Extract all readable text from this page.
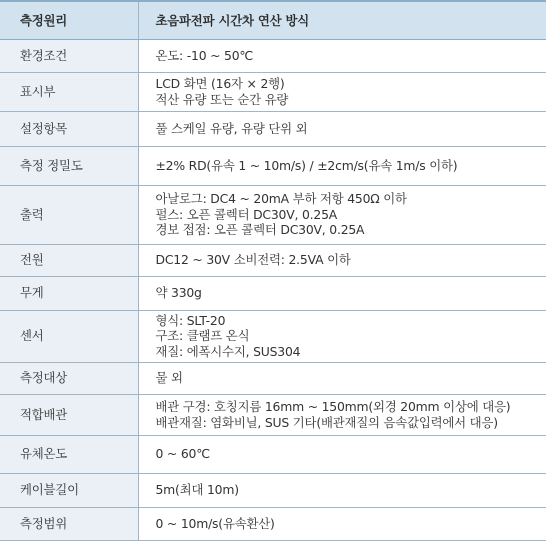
측정원리	초음파전파 시간차 연산 방식
환경조건	온도: -10 ~ 50℃

표시부	LCD 화면 (16자 × 2행)
적산 유량 또는 순간 유량

설정항목	풀 스케일 유량, 유량 단위 외

측정 정밀도	±2% RD(유속 1 ~ 10m/s) / ±2cm/s(유속 1m/s 이하)

출력	아날로그: DC4 ~ 20mA 부하 저항 450Ω 이하
펄스: 오픈 콜렉터 DC30V, 0.25A
경보 접점: 오픈 콜렉터 DC30V, 0.25A

전원	DC12 ~ 30V 소비전력: 2.5VA 이하

무게	약 330g

센서	형식: SLT-20
구조: 클램프 온식
재질: 에폭시수지, SUS304

측정대상	물 외

적합배관	배관 구경: 호칭지름 16mm ~ 150mm(외경 20mm 이상에 대응)
배관재질: 염화비닐, SUS 기타(배관재질의 음속값입력에서 대응)

유체온도	0 ~ 60℃

케이블길이	5m(최대 10m)

측정범위	0 ~ 10m/s(유속환산)
